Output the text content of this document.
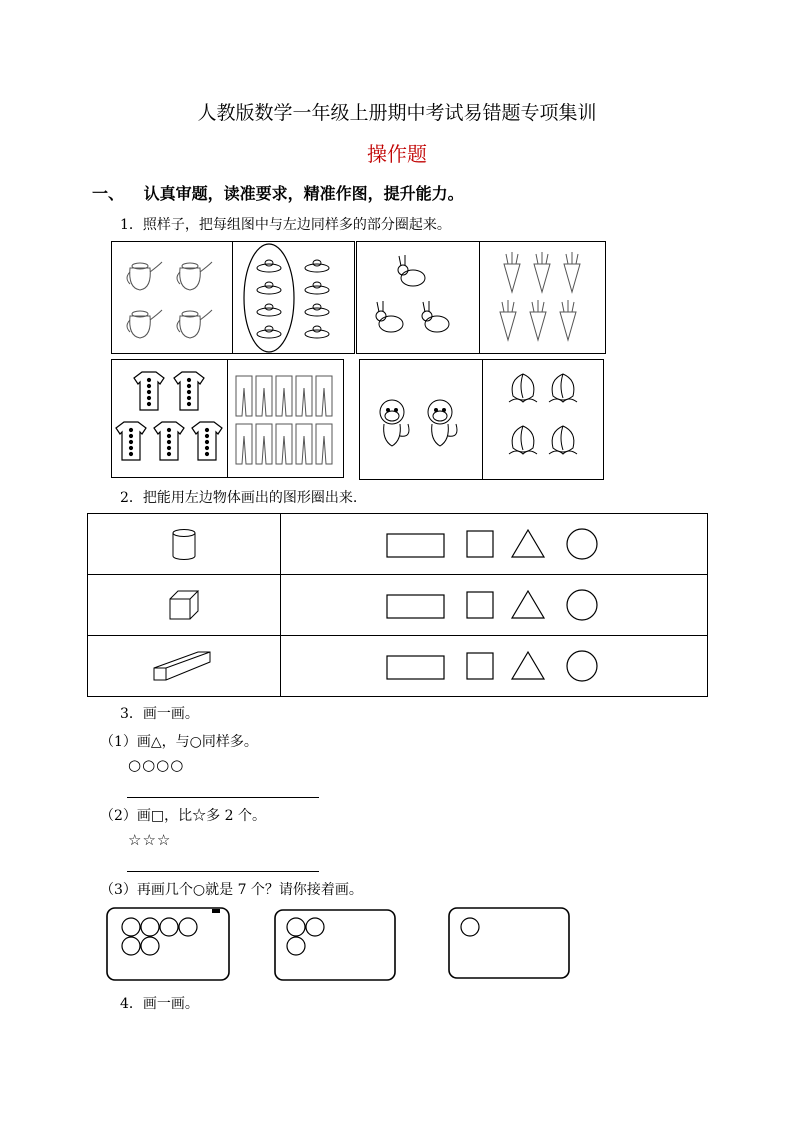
人教版数学一年级上册期中考试易错题专项集训
操作题
一、 认真审题，读准要求，精准作图，提升能力。
1．照样子，把每组图中与左边同样多的部分圈起来。
2．把能用左边物体画出的图形圈出来.
3．画一画。
（1）画△，与○同样多。
○○○○
（2）画□，比☆多 2 个。
☆☆☆
（3）再画几个○就是 7 个？请你接着画。
4．画一画。
